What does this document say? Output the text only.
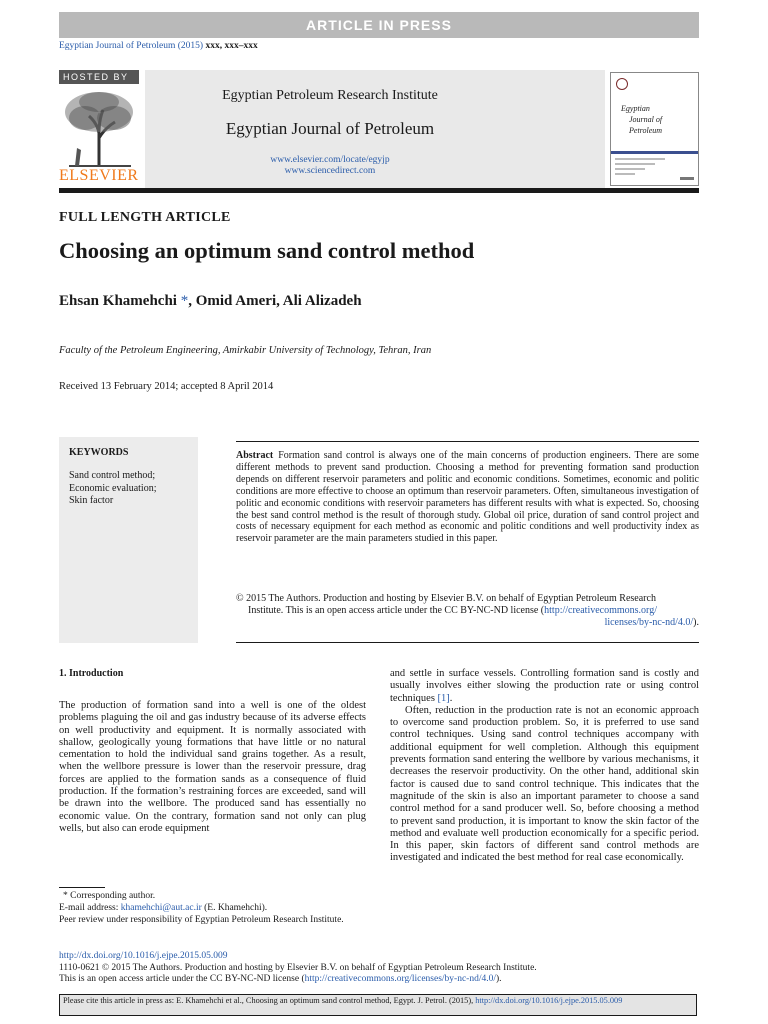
ARTICLE IN PRESS
Egyptian Journal of Petroleum (2015) xxx, xxx–xxx
HOSTED BY
ELSEVIER
Egyptian Petroleum Research Institute
Egyptian Journal of Petroleum
www.elsevier.com/locate/egyjp
www.sciencedirect.com
Egyptian
Journal of
Petroleum
FULL LENGTH ARTICLE
Choosing an optimum sand control method
Ehsan Khamehchi *, Omid Ameri, Ali Alizadeh
Faculty of the Petroleum Engineering, Amirkabir University of Technology, Tehran, Iran
Received 13 February 2014; accepted 8 April 2014
KEYWORDS
Sand control method;
Economic evaluation;
Skin factor
Abstract Formation sand control is always one of the main concerns of production engineers. There are some different methods to prevent sand production. Choosing a method for preventing formation sand production depends on different reservoir parameters and politic and economic conditions. Sometimes, economic and politic conditions are more effective to choose an optimum than reservoir parameters. Often, simultaneous investigation of politic and economic conditions with reservoir parameters has different results with what is expected. So, choosing the best sand control method is the result of thorough study. Global oil price, duration of sand control project and costs of necessary equipment for each method as economic and politic conditions and well productivity index as reservoir parameter are the main parameters studied in this paper.

© 2015 The Authors. Production and hosting by Elsevier B.V. on behalf of Egyptian Petroleum Research

Institute. This is an open access article under the CC BY-NC-ND license (http://creativecommons.org/

licenses/by-nc-nd/4.0/).

1. Introduction

The production of formation sand into a well is one of the oldest problems plaguing the oil and gas industry because of its adverse effects on well productivity and equipment. It is normally associated with shallow, geologically young formations that have little or no natural cementation to hold the individual sand grains together. As a result, when the wellbore pressure is lower than the reservoir pressure, drag forces are applied to the formation sands as a consequence of fluid production. If the formation’s restraining forces are exceeded, sand will be drawn into the wellbore. The produced sand has essentially no economic value. On the contrary, formation sand not only can plug wells, but also can erode equipment

and settle in surface vessels. Controlling formation sand is costly and usually involves either slowing the production rate or using control techniques [1].

Often, reduction in the production rate is not an economic approach to overcome sand production problem. So, it is preferred to use sand control techniques. Using sand control techniques accompany with additional equipment for well completion. Although this equipment prevents formation sand entering the wellbore by various mechanisms, it decreases the reservoir productivity. On the other hand, additional skin factor is caused due to sand control technique. This indicates that the magnitude of the skin is also an important parameter to choose a sand control method for a sand producer well. So, before choosing a method to prevent sand production, it is important to know the skin factor of the method and evaluate well production economically for a specific period. In this paper, skin factors of different sand control methods are investigated and indicated the best method for real case economically.

* Corresponding author.

E-mail address: khamehchi@aut.ac.ir (E. Khamehchi).

Peer review under responsibility of Egyptian Petroleum Research Institute.

http://dx.doi.org/10.1016/j.ejpe.2015.05.009

1110-0621 © 2015 The Authors. Production and hosting by Elsevier B.V. on behalf of Egyptian Petroleum Research Institute.

This is an open access article under the CC BY-NC-ND license (http://creativecommons.org/licenses/by-nc-nd/4.0/).

Please cite this article in press as: E. Khamehchi et al., Choosing an optimum sand control method, Egypt. J. Petrol. (2015), http://dx.doi.org/10.1016/j.ejpe.2015.05.009
